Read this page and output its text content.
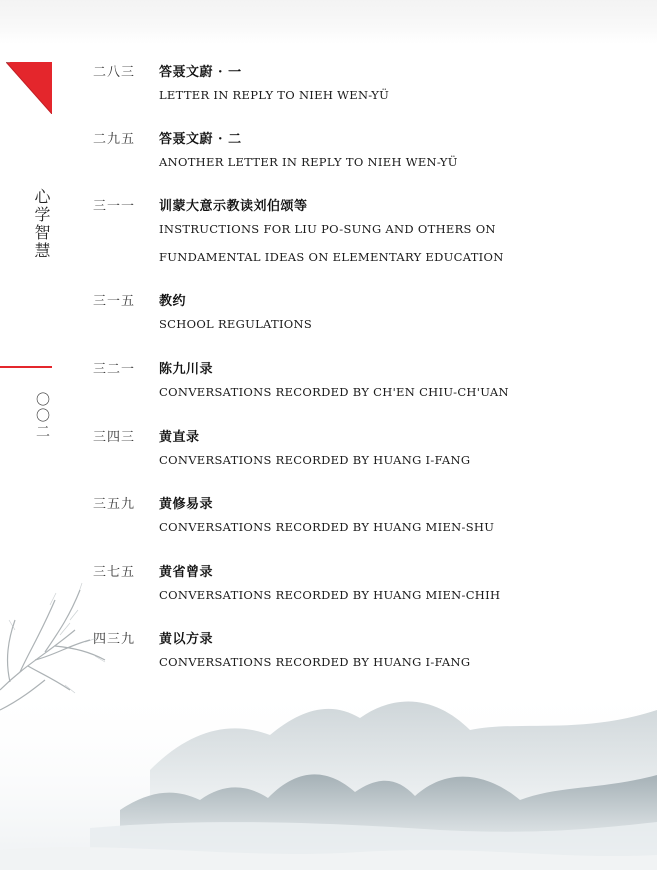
心学智慧
〇〇二
二八三 答聂文蔚 · 一
LETTER IN REPLY TO NIEH WEN-YÜ
二九五 答聂文蔚 · 二
ANOTHER LETTER IN REPLY TO NIEH WEN-YÜ
三一一 训蒙大意示教读刘伯颂等
INSTRUCTIONS FOR LIU PO-SUNG AND OTHERS ON
FUNDAMENTAL IDEAS ON ELEMENTARY EDUCATION
三一五 教约
SCHOOL REGULATIONS
三二一 陈九川录
CONVERSATIONS RECORDED BY CH'EN CHIU-CH'UAN
三四三 黄直录
CONVERSATIONS RECORDED BY HUANG I-FANG
三五九 黄修易录
CONVERSATIONS RECORDED BY HUANG MIEN-SHU
三七五 黄省曾录
CONVERSATIONS RECORDED BY HUANG MIEN-CHIH
四三九 黄以方录
CONVERSATIONS RECORDED BY HUANG I-FANG
